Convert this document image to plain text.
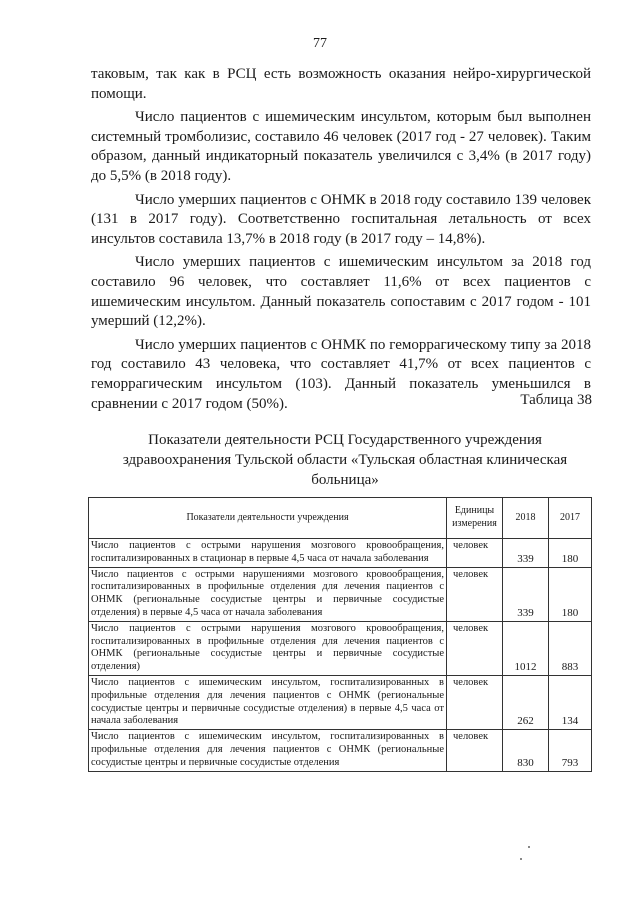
77

таковым, так как в РСЦ есть возможность оказания нейро-хирургической помощи.

Число пациентов с ишемическим инсультом, которым был выполнен системный тромболизис, составило 46 человек (2017 год - 27 человек). Таким образом, данный индикаторный показатель увеличился с 3,4% (в 2017 году) до 5,5% (в 2018 году).

Число умерших пациентов с ОНМК в 2018 году составило 139 человек (131 в 2017 году). Соответственно госпитальная летальность от всех инсультов составила 13,7% в 2018 году (в 2017 году – 14,8%).

Число умерших пациентов с ишемическим инсультом за 2018 год составило 96 человек, что составляет 11,6% от всех пациентов с ишемическим инсультом. Данный показатель сопоставим с 2017 годом - 101 умерший (12,2%).

Число умерших пациентов с ОНМК по геморрагическому типу за 2018 год составило 43 человека, что составляет 41,7% от всех пациентов с геморрагическим инсультом (103). Данный показатель уменьшился в сравнении с 2017 годом (50%).	Таблица 38
Показатели деятельности РСЦ Государственного учреждения здравоохранения Тульской области «Тульская областная клиническая больница»
Показатели деятельности учреждения	Единицы измерения	2018	2017
Число пациентов с острыми нарушения мозгового кровообращения, госпитализированных в стационар в первые 4,5 часа от начала заболевания	человек	339	180
Число пациентов с острыми нарушениями мозгового кровообращения, госпитализированных в профильные отделения для лечения пациентов с ОНМК (региональные сосудистые центры и первичные сосудистые отделения) в первые 4,5 часа от начала заболевания	человек	339	180
Число пациентов с острыми нарушения мозгового кровообращения, госпитализированных в профильные отделения для лечения пациентов с ОНМК (региональные сосудистые центры и первичные сосудистые отделения)	человек	1012	883
Число пациентов с ишемическим инсультом, госпитализированных в профильные отделения для лечения пациентов с ОНМК (региональные сосудистые центры и первичные сосудистые отделения) в первые 4,5 часа от начала заболевания	человек	262	134
Число пациентов с ишемическим инсультом, госпитализированных в профильные отделения для лечения пациентов с ОНМК (региональные сосудистые центры и первичные сосудистые отделения	человек	830	793
